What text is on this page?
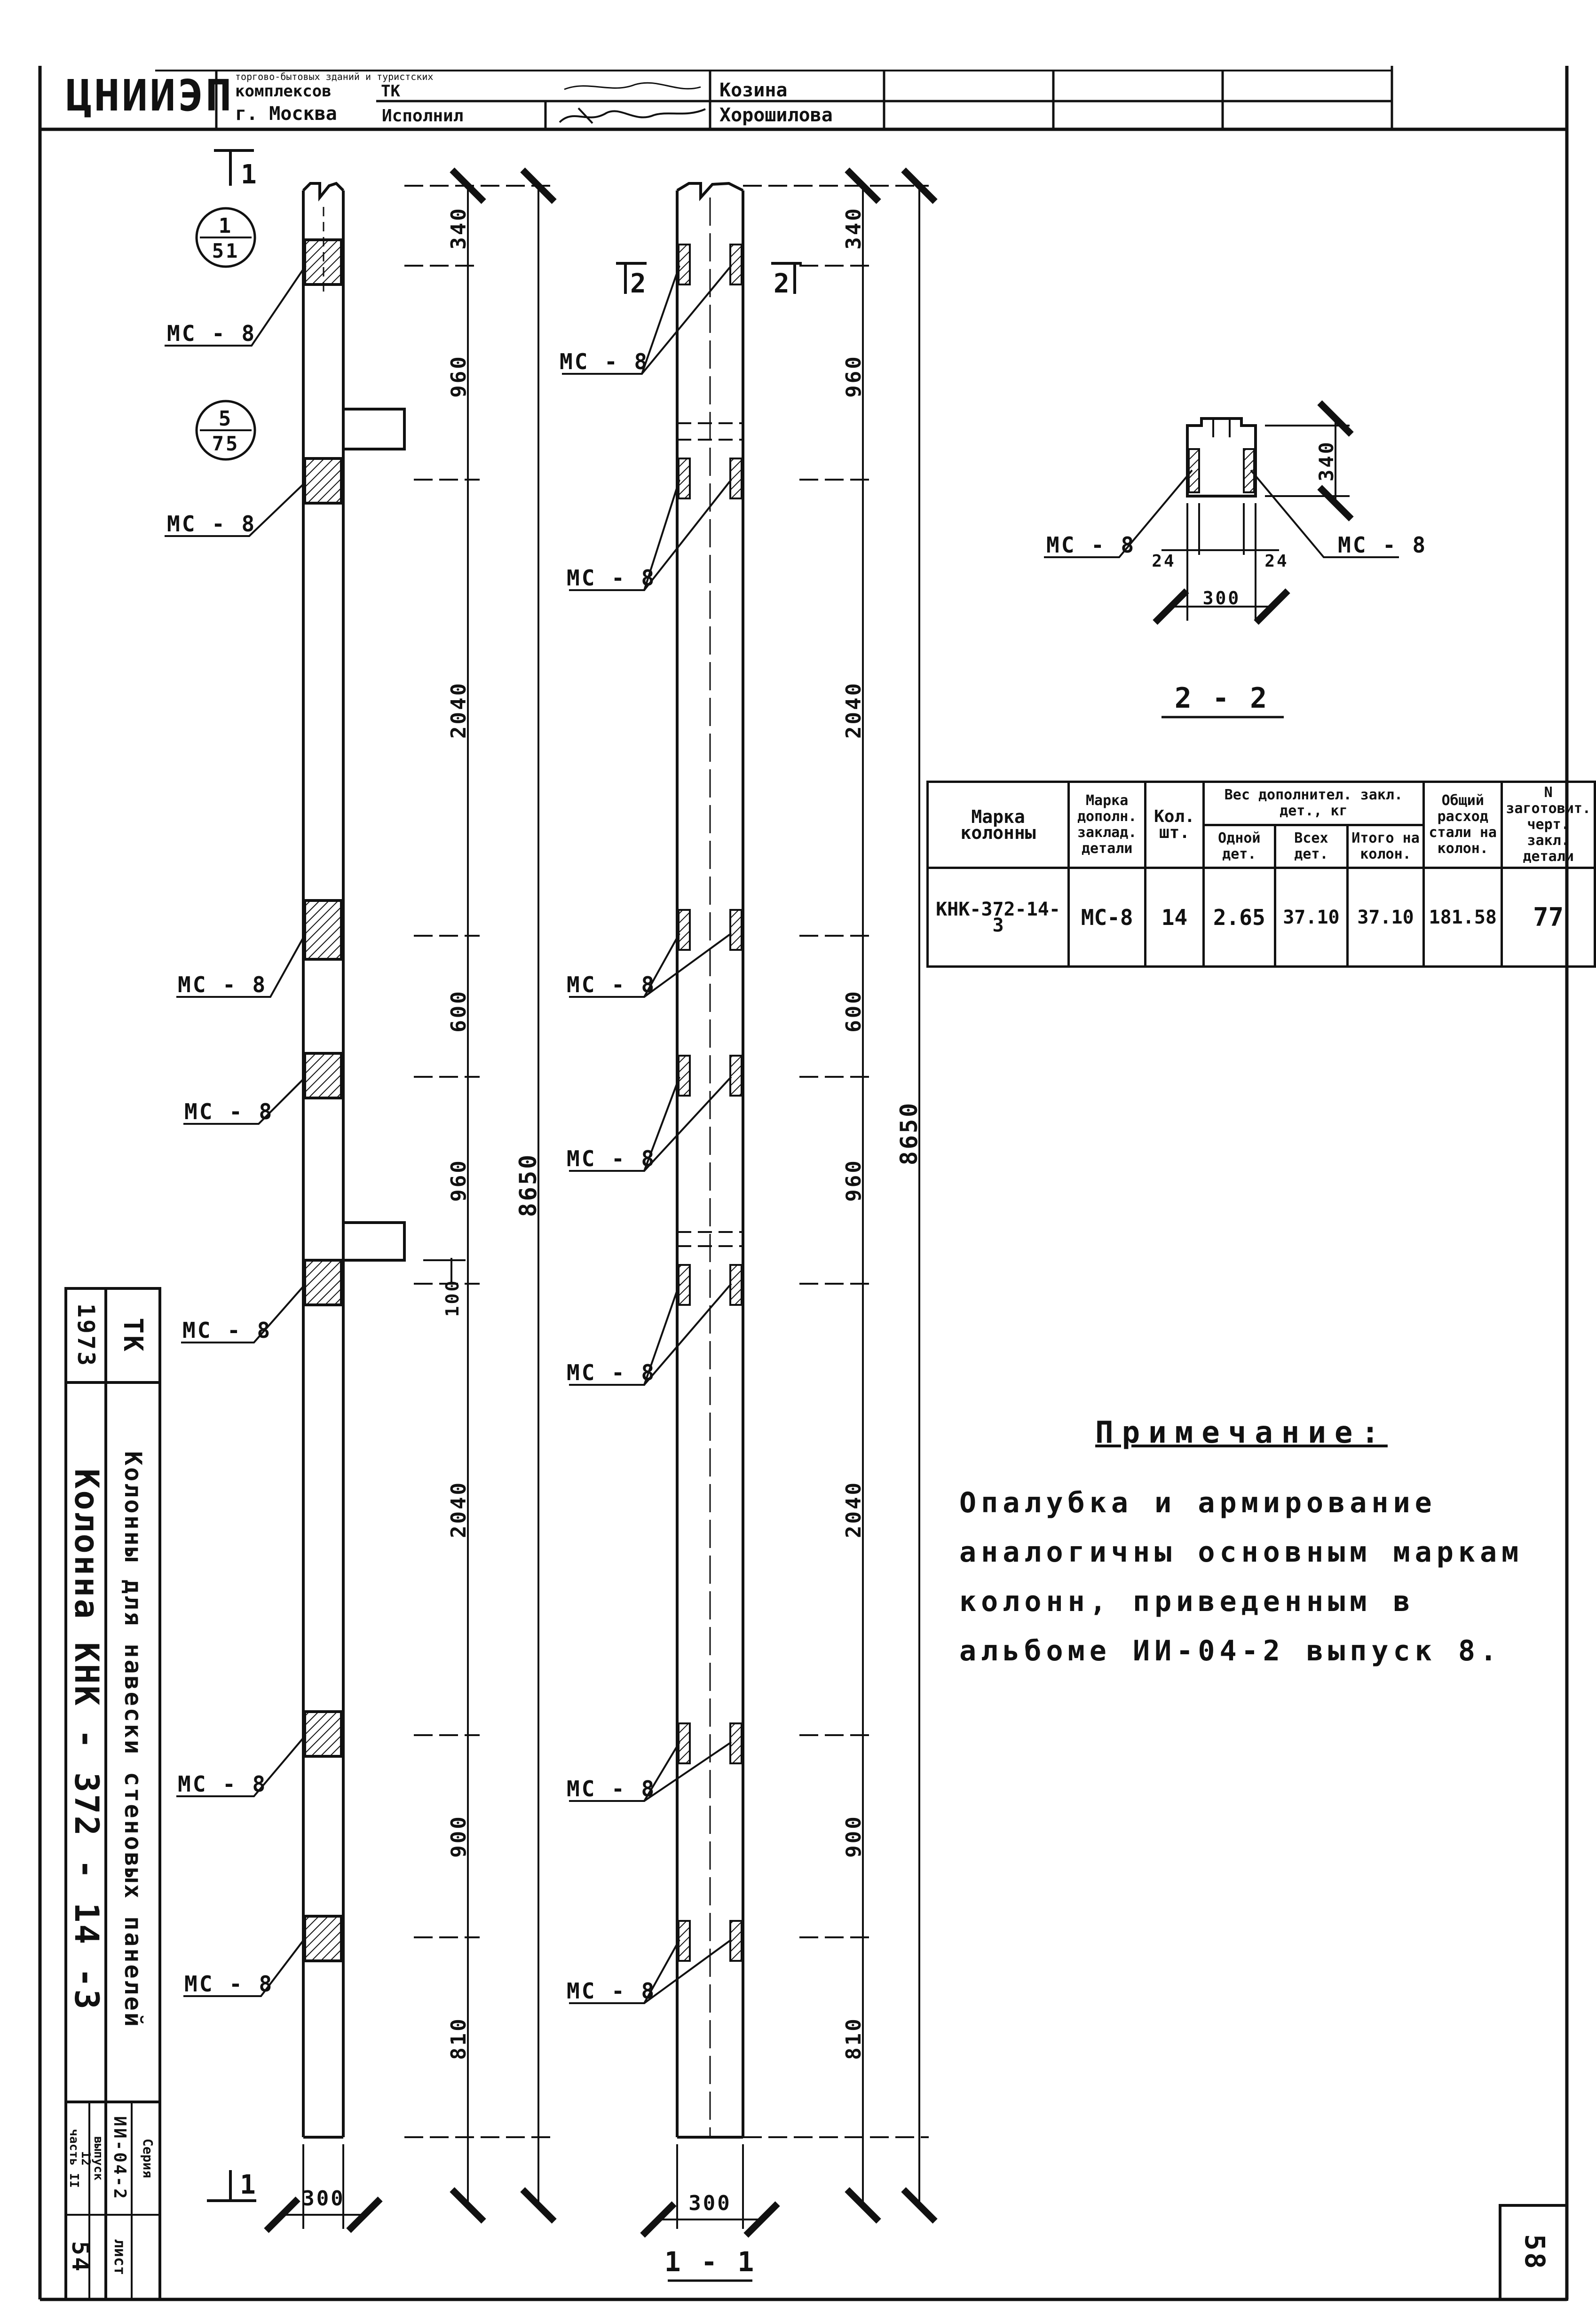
ЦНИИЭП торгово-бытовых зданий и туристских
комплексов
г. Москва
ТК	Козина
Исполнил	Хорошилова
340
960
2040
600
960
2040
900
810
8650
100
300
1
1
1
51
5
75
МС - 8
МС - 8
МС - 8
МС - 8
МС - 8
МС - 8
МС - 8
2	2
340
960
2040
600
960
2040
900
810
8650
300
1 - 1
МС - 8
МС - 8
МС - 8
МС - 8
МС - 8
МС - 8
МС - 8
340
300
24	24
МС - 8	МС - 8
2 - 2
1973 ТК
Колонны для навески стеновых панелей
Колонна КНК - 372 - 14 -3
Серия
ИИ-04-2
выпуск
12
часть II
лист
54	58
Марка колонны	Марка дополн. заклад. детали	Кол. шт.	Вес дополнител. закл. дет., кг			Общий расход стали на колон.	N заготовит. черт. закл. детали
			Одной дет.	Всех дет.	Итого на колон.		
КНК-372-14-3	МС-8	14	2.65	37.10	37.10	181.58	77
Примечание:
Опалубка и армирование
аналогичны основным маркам
колонн, приведенным в
альбоме ИИ-04-2 выпуск 8.
